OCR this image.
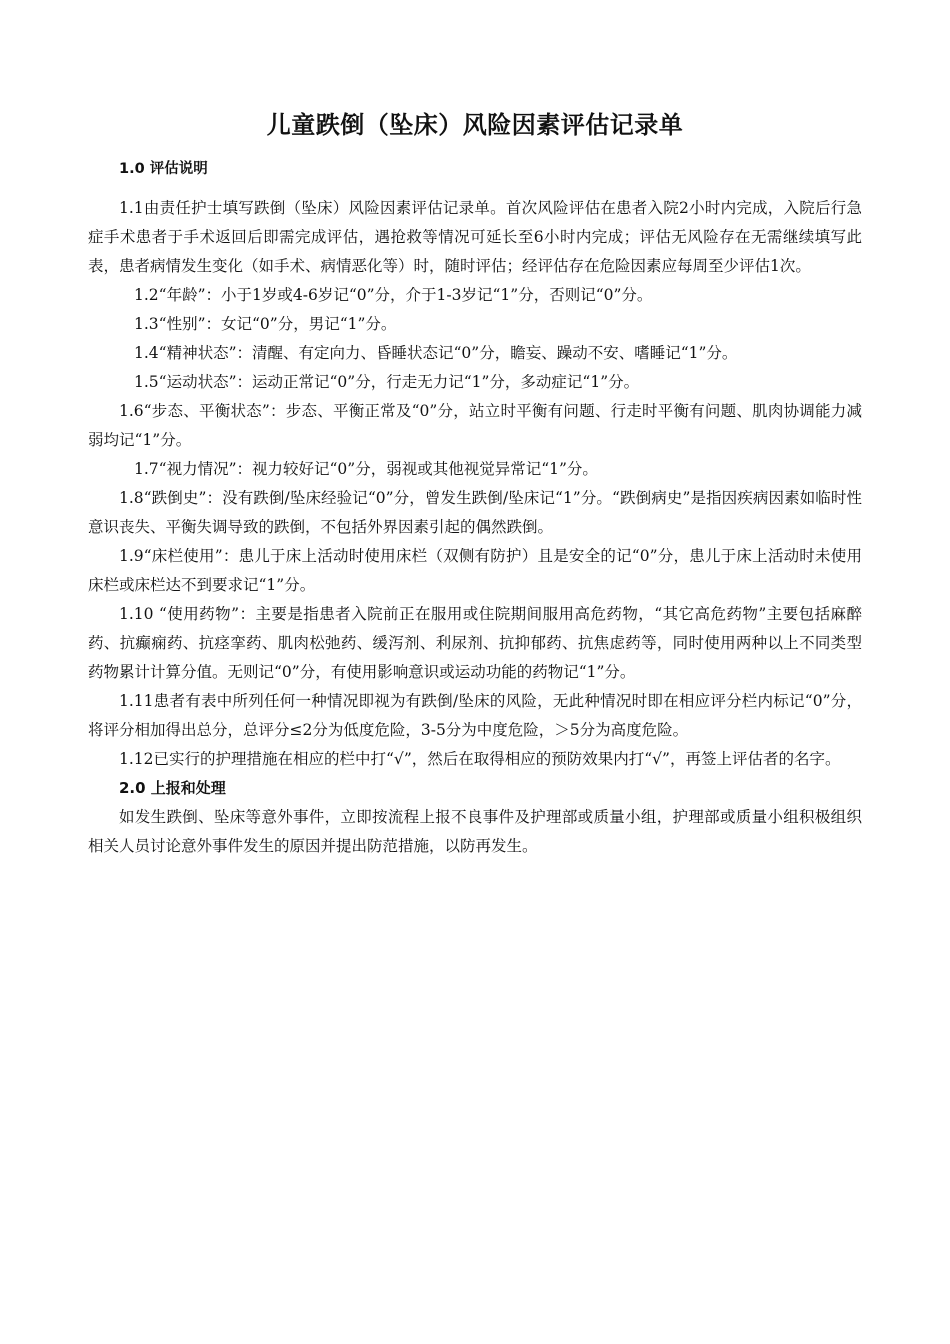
儿童跌倒（坠床）风险因素评估记录单

1.0 评估说明

1.1由责任护士填写跌倒（坠床）风险因素评估记录单。首次风险评估在患者入院2小时内完成，入院后行急症手术患者于手术返回后即需完成评估，遇抢救等情况可延长至6小时内完成；评估无风险存在无需继续填写此表，患者病情发生变化（如手术、病情恶化等）时，随时评估；经评估存在危险因素应每周至少评估1次。

1.2“年龄”：小于1岁或4-6岁记“0”分，介于1-3岁记“1”分，否则记“0”分。

1.3“性别”：女记“0”分，男记“1”分。

1.4“精神状态”：清醒、有定向力、昏睡状态记“0”分，瞻妄、躁动不安、嗜睡记“1”分。

1.5“运动状态”：运动正常记“0”分，行走无力记“1”分，多动症记“1”分。

1.6“步态、平衡状态”：步态、平衡正常及“0”分，站立时平衡有问题、行走时平衡有问题、肌肉协调能力减弱均记“1”分。

1.7“视力情况”：视力较好记“0”分，弱视或其他视觉异常记“1”分。

1.8“跌倒史”：没有跌倒/坠床经验记“0”分，曾发生跌倒/坠床记“1”分。“跌倒病史”是指因疾病因素如临时性意识丧失、平衡失调导致的跌倒，不包括外界因素引起的偶然跌倒。

1.9“床栏使用”：患儿于床上活动时使用床栏（双侧有防护）且是安全的记“0”分，患儿于床上活动时未使用床栏或床栏达不到要求记“1”分。

1.10 “使用药物”：主要是指患者入院前正在服用或住院期间服用高危药物，“其它高危药物”主要包括麻醉药、抗癫痫药、抗痉挛药、肌肉松弛药、缓泻剂、利尿剂、抗抑郁药、抗焦虑药等，同时使用两种以上不同类型药物累计计算分值。无则记“0”分，有使用影响意识或运动功能的药物记“1”分。

1.11患者有表中所列任何一种情况即视为有跌倒/坠床的风险，无此种情况时即在相应评分栏内标记“0”分，将评分相加得出总分，总评分≤2分为低度危险，3-5分为中度危险，＞5分为高度危险。

1.12已实行的护理措施在相应的栏中打“√”，然后在取得相应的预防效果内打“√”，再签上评估者的名字。

2.0 上报和处理

如发生跌倒、坠床等意外事件，立即按流程上报不良事件及护理部或质量小组，护理部或质量小组积极组织相关人员讨论意外事件发生的原因并提出防范措施，以防再发生。
